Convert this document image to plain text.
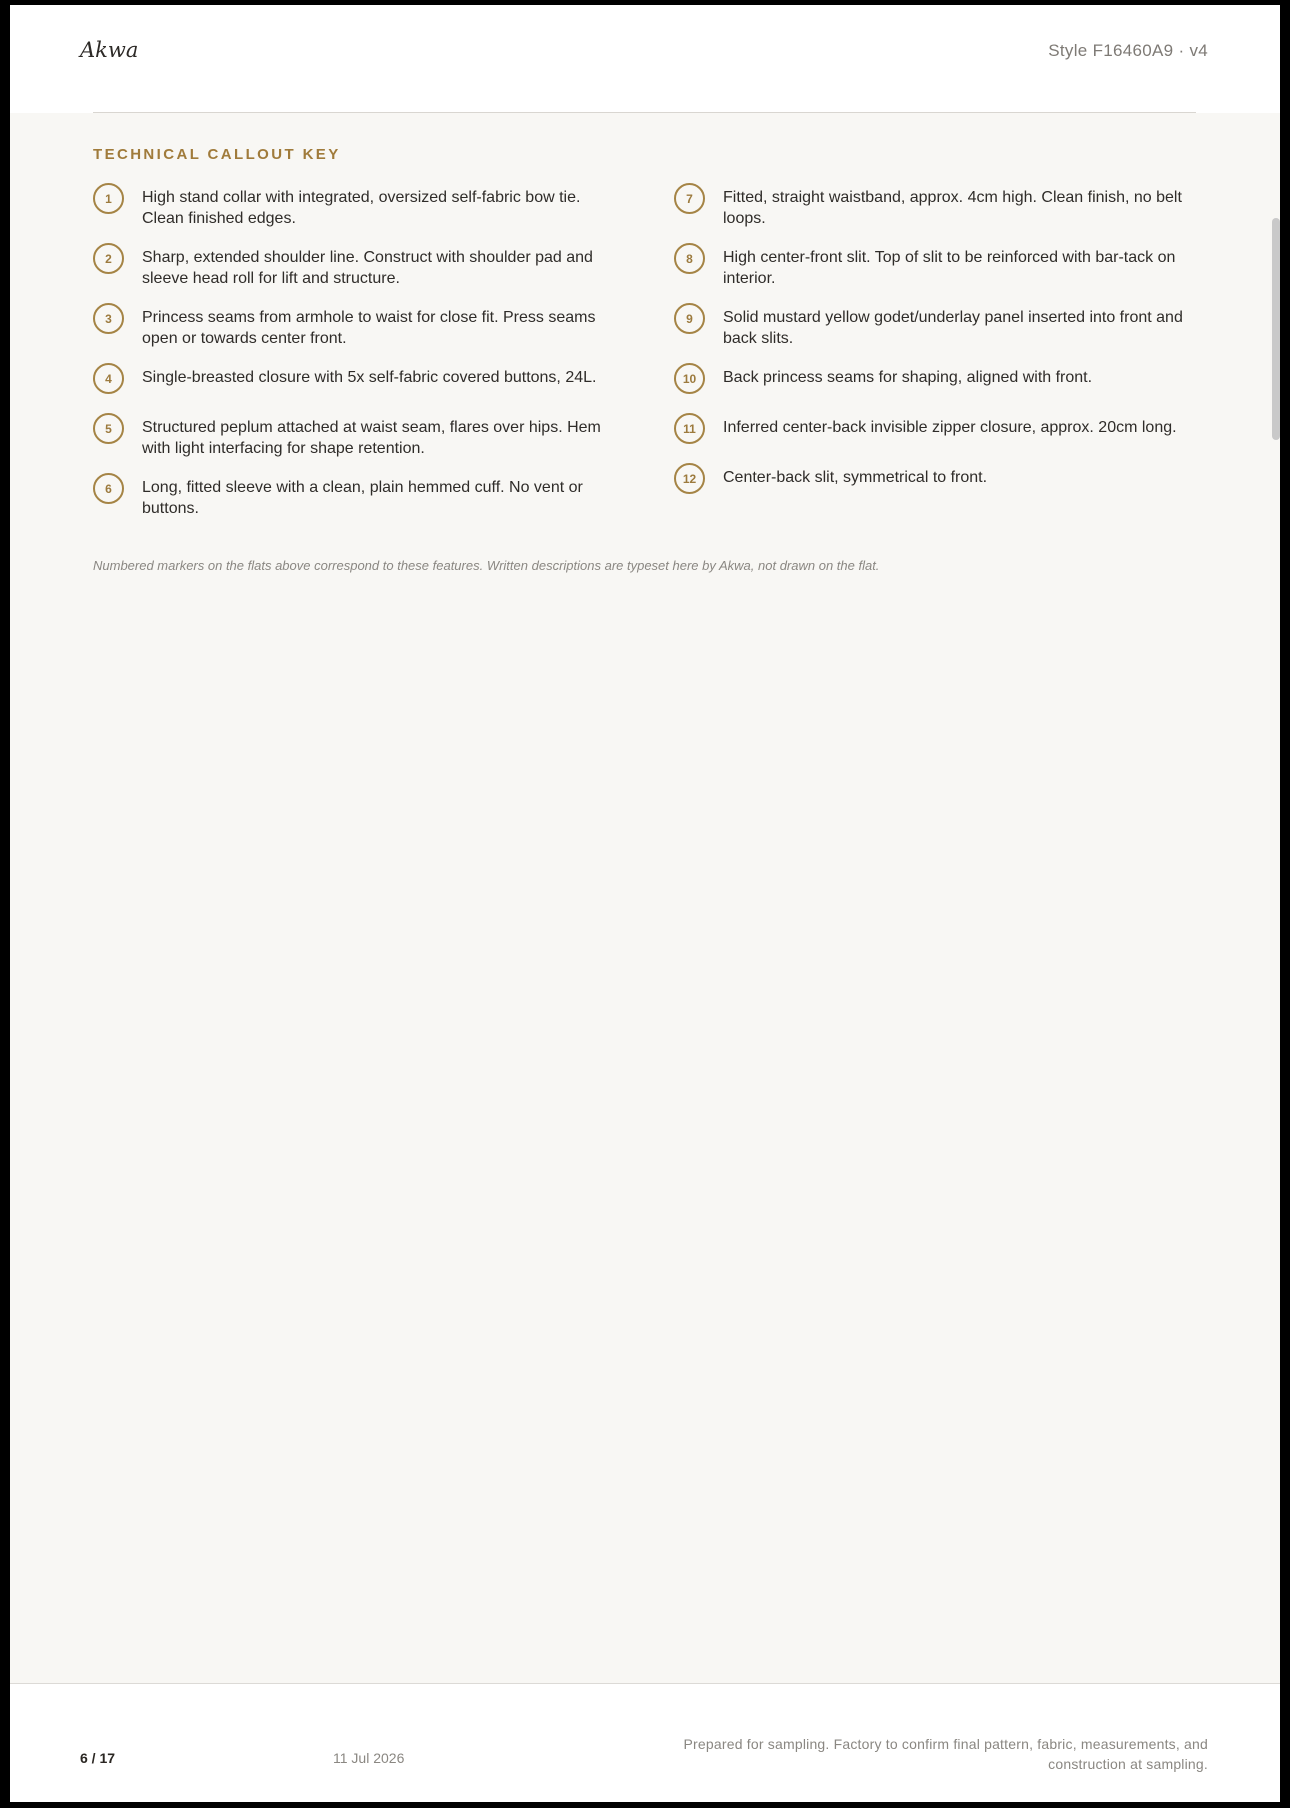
Akwa	Style F16460A9 · v4
TECHNICAL CALLOUT KEY
1	High stand collar with integrated, oversized self-fabric bow tie. Clean finished edges.

2	Sharp, extended shoulder line. Construct with shoulder pad and sleeve head roll for lift and structure.

3	Princess seams from armhole to waist for close fit. Press seams open or towards center front.

4	Single-breasted closure with 5x self-fabric covered buttons, 24L.

5	Structured peplum attached at waist seam, flares over hips. Hem with light interfacing for shape retention.

6	Long, fitted sleeve with a clean, plain hemmed cuff. No vent or buttons.

7	Fitted, straight waistband, approx. 4cm high. Clean finish, no belt loops.

8	High center-front slit. Top of slit to be reinforced with bar-tack on interior.

9	Solid mustard yellow godet/underlay panel inserted into front and back slits.

10	Back princess seams for shaping, aligned with front.

11	Inferred center-back invisible zipper closure, approx. 20cm long.

12	Center-back slit, symmetrical to front.

Numbered markers on the flats above correspond to these features. Written descriptions are typeset here by Akwa, not drawn on the flat.

6 / 17	11 Jul 2026
Prepared for sampling. Factory to confirm final pattern, fabric, measurements, and construction at sampling.
